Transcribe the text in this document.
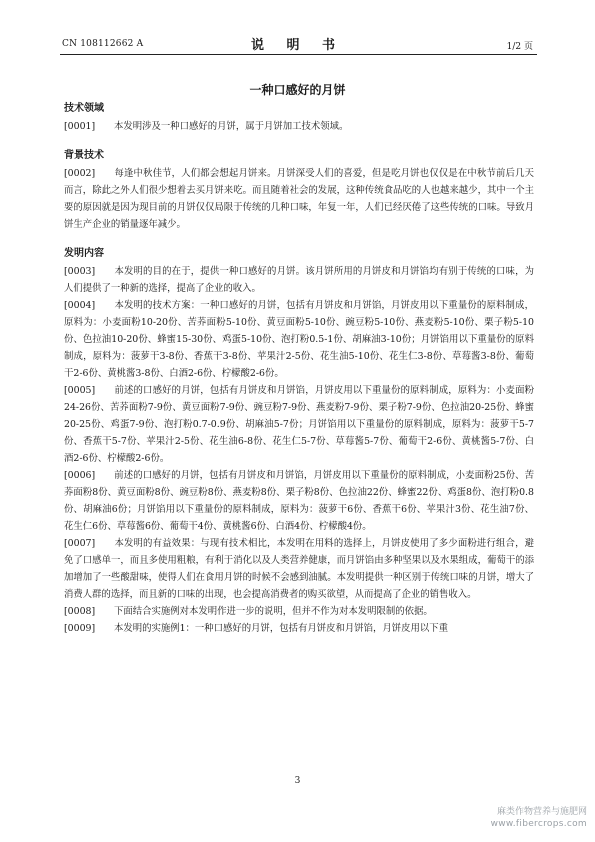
CN 108112662 A	说 明 书	1/2 页
一种口感好的月饼
技术领域

[0001]　　 本发明涉及一种口感好的月饼，属于月饼加工技术领域。

背景技术

[0002]　　 每逢中秋佳节，人们都会想起月饼来。月饼深受人们的喜爱，但是吃月饼也仅仅是在中秋节前后几天而言，除此之外人们很少想着去买月饼来吃。而且随着社会的发展，这种传统食品吃的人也越来越少，其中一个主要的原因就是因为现目前的月饼仅仅局限于传统的几种口味，年复一年，人们已经厌倦了这些传统的口味。导致月饼生产企业的销量逐年减少。

发明内容

[0003]　　 本发明的目的在于，提供一种口感好的月饼。该月饼所用的月饼皮和月饼馅均有别于传统的口味，为人们提供了一种新的选择，提高了企业的收入。

[0004]　　 本发明的技术方案：一种口感好的月饼，包括有月饼皮和月饼馅，月饼皮用以下重量份的原料制成，原料为：小麦面粉10-20份、苦荞面粉5-10份、黄豆面粉5-10份、豌豆粉5-10份、燕麦粉5-10份、栗子粉5-10份、色拉油10-20份、蜂蜜15-30份、鸡蛋5-10份、泡打粉0.5-1份、胡麻油3-10份；月饼馅用以下重量份的原料制成，原料为：菠萝干3-8份、香蕉干3-8份、苹果汁2-5份、花生油5-10份、花生仁3-8份、草莓酱3-8份、葡萄干2-6份、黄桃酱3-8份、白酒2-6份、柠檬酸2-6份。

[0005]　　 前述的口感好的月饼，包括有月饼皮和月饼馅，月饼皮用以下重量份的原料制成，原料为：小麦面粉24-26份、苦荞面粉7-9份、黄豆面粉7-9份、豌豆粉7-9份、燕麦粉7-9份、栗子粉7-9份、色拉油20-25份、蜂蜜20-25份、鸡蛋7-9份、泡打粉0.7-0.9份、胡麻油5-7份；月饼馅用以下重量份的原料制成，原料为：菠萝干5-7份、香蕉干5-7份、苹果汁2-5份、花生油6-8份、花生仁5-7份、草莓酱5-7份、葡萄干2-6份、黄桃酱5-7份、白酒2-6份、柠檬酸2-6份。

[0006]　　 前述的口感好的月饼，包括有月饼皮和月饼馅，月饼皮用以下重量份的原料制成，小麦面粉25份、苦荞面粉8份、黄豆面粉8份、豌豆粉8份、燕麦粉8份、栗子粉8份、色拉油22份、蜂蜜22份、鸡蛋8份、泡打粉0.8份、胡麻油6份；月饼馅用以下重量份的原料制成，原料为：菠萝干6份、香蕉干6份、苹果汁3份、花生油7份、花生仁6份、草莓酱6份、葡萄干4份、黄桃酱6份、白酒4份、柠檬酸4份。

[0007]　　 本发明的有益效果：与现有技术相比，本发明在用料的选择上，月饼皮使用了多少面粉进行组合，避免了口感单一，而且多使用粗粮，有利于消化以及人类营养健康，而月饼馅由多种坚果以及水果组成，葡萄干的添加增加了一些酸甜味，使得人们在食用月饼的时候不会感到油腻。本发明提供一种区别于传统口味的月饼，增大了消费人群的选择，而且新的口味的出现，也会提高消费者的购买欲望，从而提高了企业的销售收入。

[0008]　　 下面结合实施例对本发明作进一步的说明，但并不作为对本发明限制的依据。

[0009]　　 本发明的实施例1：一种口感好的月饼，包括有月饼皮和月饼馅，月饼皮用以下重

3
麻类作物营养与施肥网
www.fibercrops.com
